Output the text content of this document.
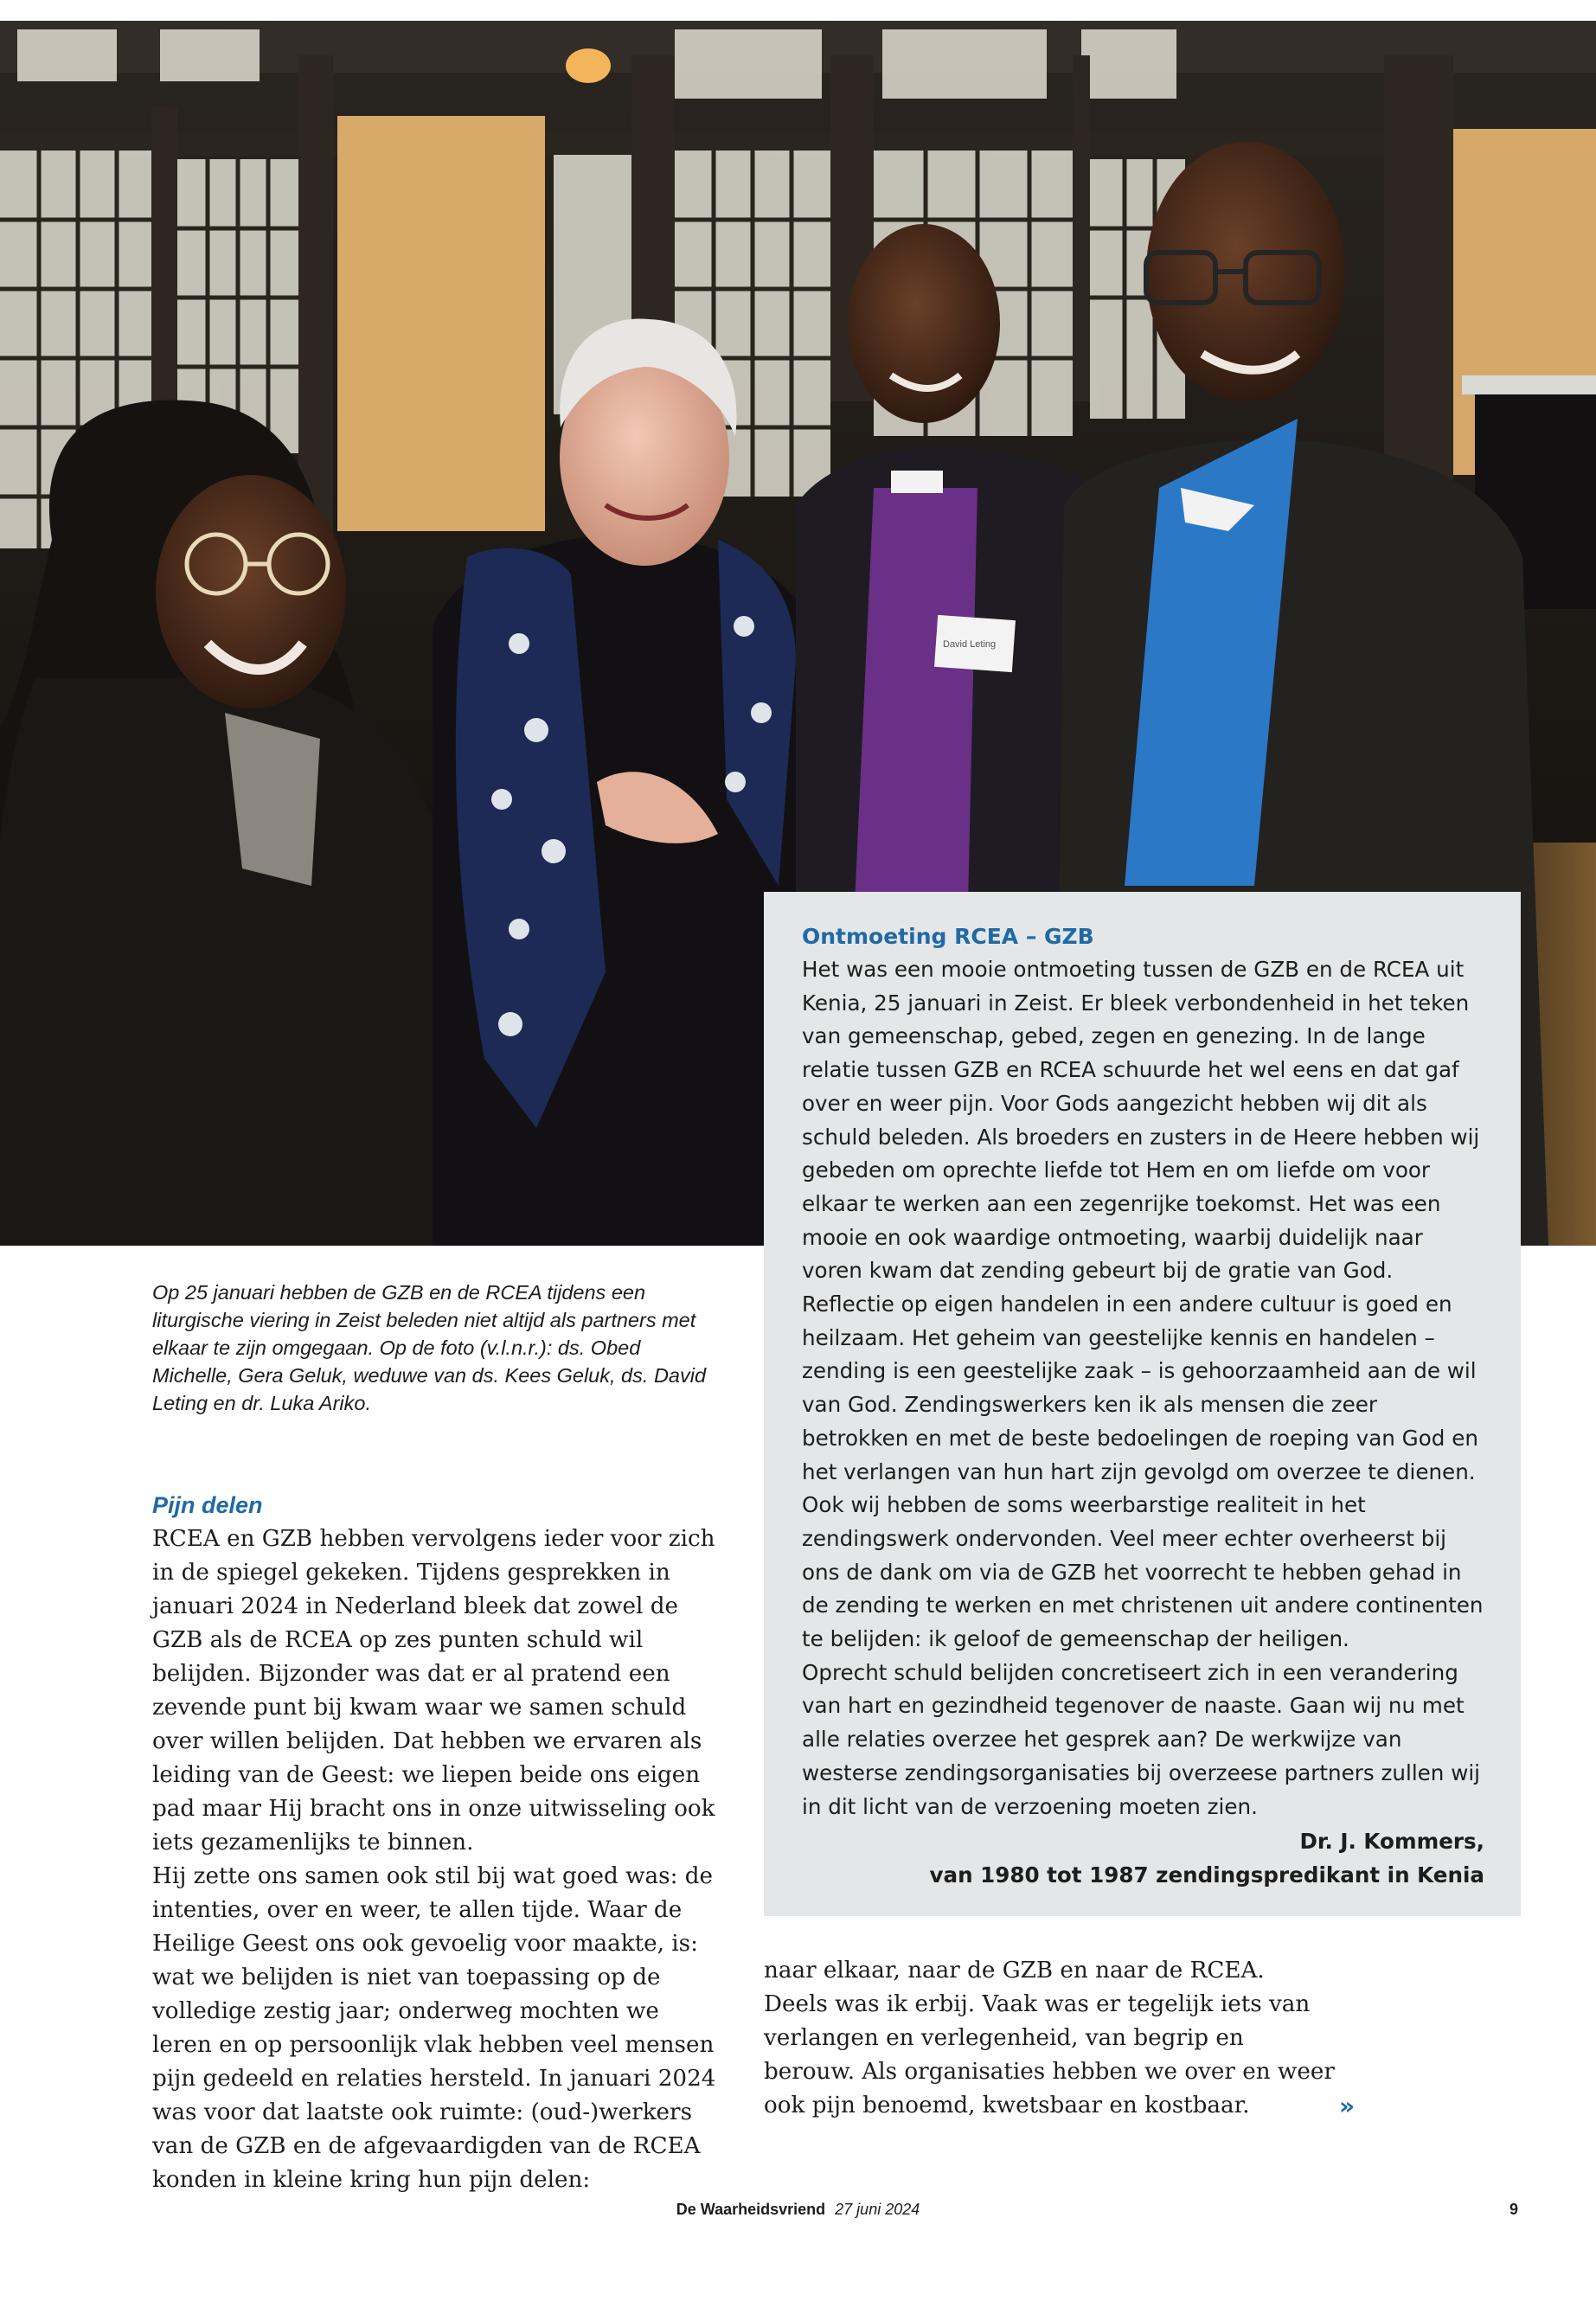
David Leting
Op 25 januari hebben de GZB en de RCEA tijdens een liturgische viering in Zeist beleden niet altijd als partners met elkaar te zijn omgegaan. Op de foto (v.l.n.r.): ds. Obed Michelle, Gera Geluk, weduwe van ds. Kees Geluk, ds. David Leting en dr. Luka Ariko.
Pijn delen

RCEA en GZB hebben vervolgens ieder voor zich in de spiegel gekeken. Tijdens gesprekken in januari 2024 in Nederland bleek dat zowel de GZB als de RCEA op zes punten schuld wil belijden. Bijzonder was dat er al pratend een zevende punt bij kwam waar we samen schuld over willen belijden. Dat hebben we ervaren als leiding van de Geest: we liepen beide ons eigen pad maar Hij bracht ons in onze uitwisseling ook iets gezamenlijks te binnen.

Hij zette ons samen ook stil bij wat goed was: de intenties, over en weer, te allen tijde. Waar de Heilige Geest ons ook gevoelig voor maakte, is: wat we belijden is niet van toepassing op de volledige zestig jaar; onderweg mochten we leren en op persoonlijk vlak hebben veel mensen pijn gedeeld en relaties hersteld. In januari 2024 was voor dat laatste ook ruimte: (oud-)werkers van de GZB en de afgevaardigden van de RCEA konden in kleine kring hun pijn delen:

Ontmoeting RCEA – GZB

Het was een mooie ontmoeting tussen de GZB en de RCEA uit Kenia, 25 januari in Zeist. Er bleek verbondenheid in het teken van gemeenschap, gebed, zegen en genezing. In de lange relatie tussen GZB en RCEA schuurde het wel eens en dat gaf over en weer pijn. Voor Gods aangezicht hebben wij dit als schuld beleden. Als broeders en zusters in de Heere hebben wij gebeden om oprechte liefde tot Hem en om liefde om voor elkaar te werken aan een zegenrijke toekomst. Het was een mooie en ook waardige ontmoeting, waarbij duidelijk naar voren kwam dat zending gebeurt bij de gratie van God.

Reflectie op eigen handelen in een andere cultuur is goed en heilzaam. Het geheim van geestelijke kennis en handelen – zending is een geestelijke zaak – is gehoorzaamheid aan de wil van God. Zendingswerkers ken ik als mensen die zeer betrokken en met de beste bedoelingen de roeping van God en het verlangen van hun hart zijn gevolgd om overzee te dienen. Ook wij hebben de soms weerbarstige realiteit in het zendingswerk ondervonden. Veel meer echter overheerst bij ons de dank om via de GZB het voorrecht te hebben gehad in de zending te werken en met christenen uit andere continenten te belijden: ik geloof de gemeenschap der heiligen.

Oprecht schuld belijden concretiseert zich in een verandering van hart en gezindheid tegenover de naaste. Gaan wij nu met alle relaties overzee het gesprek aan? De werkwijze van westerse zendingsorganisaties bij overzeese partners zullen wij in dit licht van de verzoening moeten zien.

Dr. J. Kommers,
van 1980 tot 1987 zendingspredikant in Kenia

naar elkaar, naar de GZB en naar de RCEA. Deels was ik erbij. Vaak was er tegelijk iets van verlangen en verlegenheid, van begrip en berouw. Als organisaties hebben we over en weer ook pijn benoemd, kwetsbaar en kostbaar.	»
De Waarheidsvriend 27 juni 2024	9
